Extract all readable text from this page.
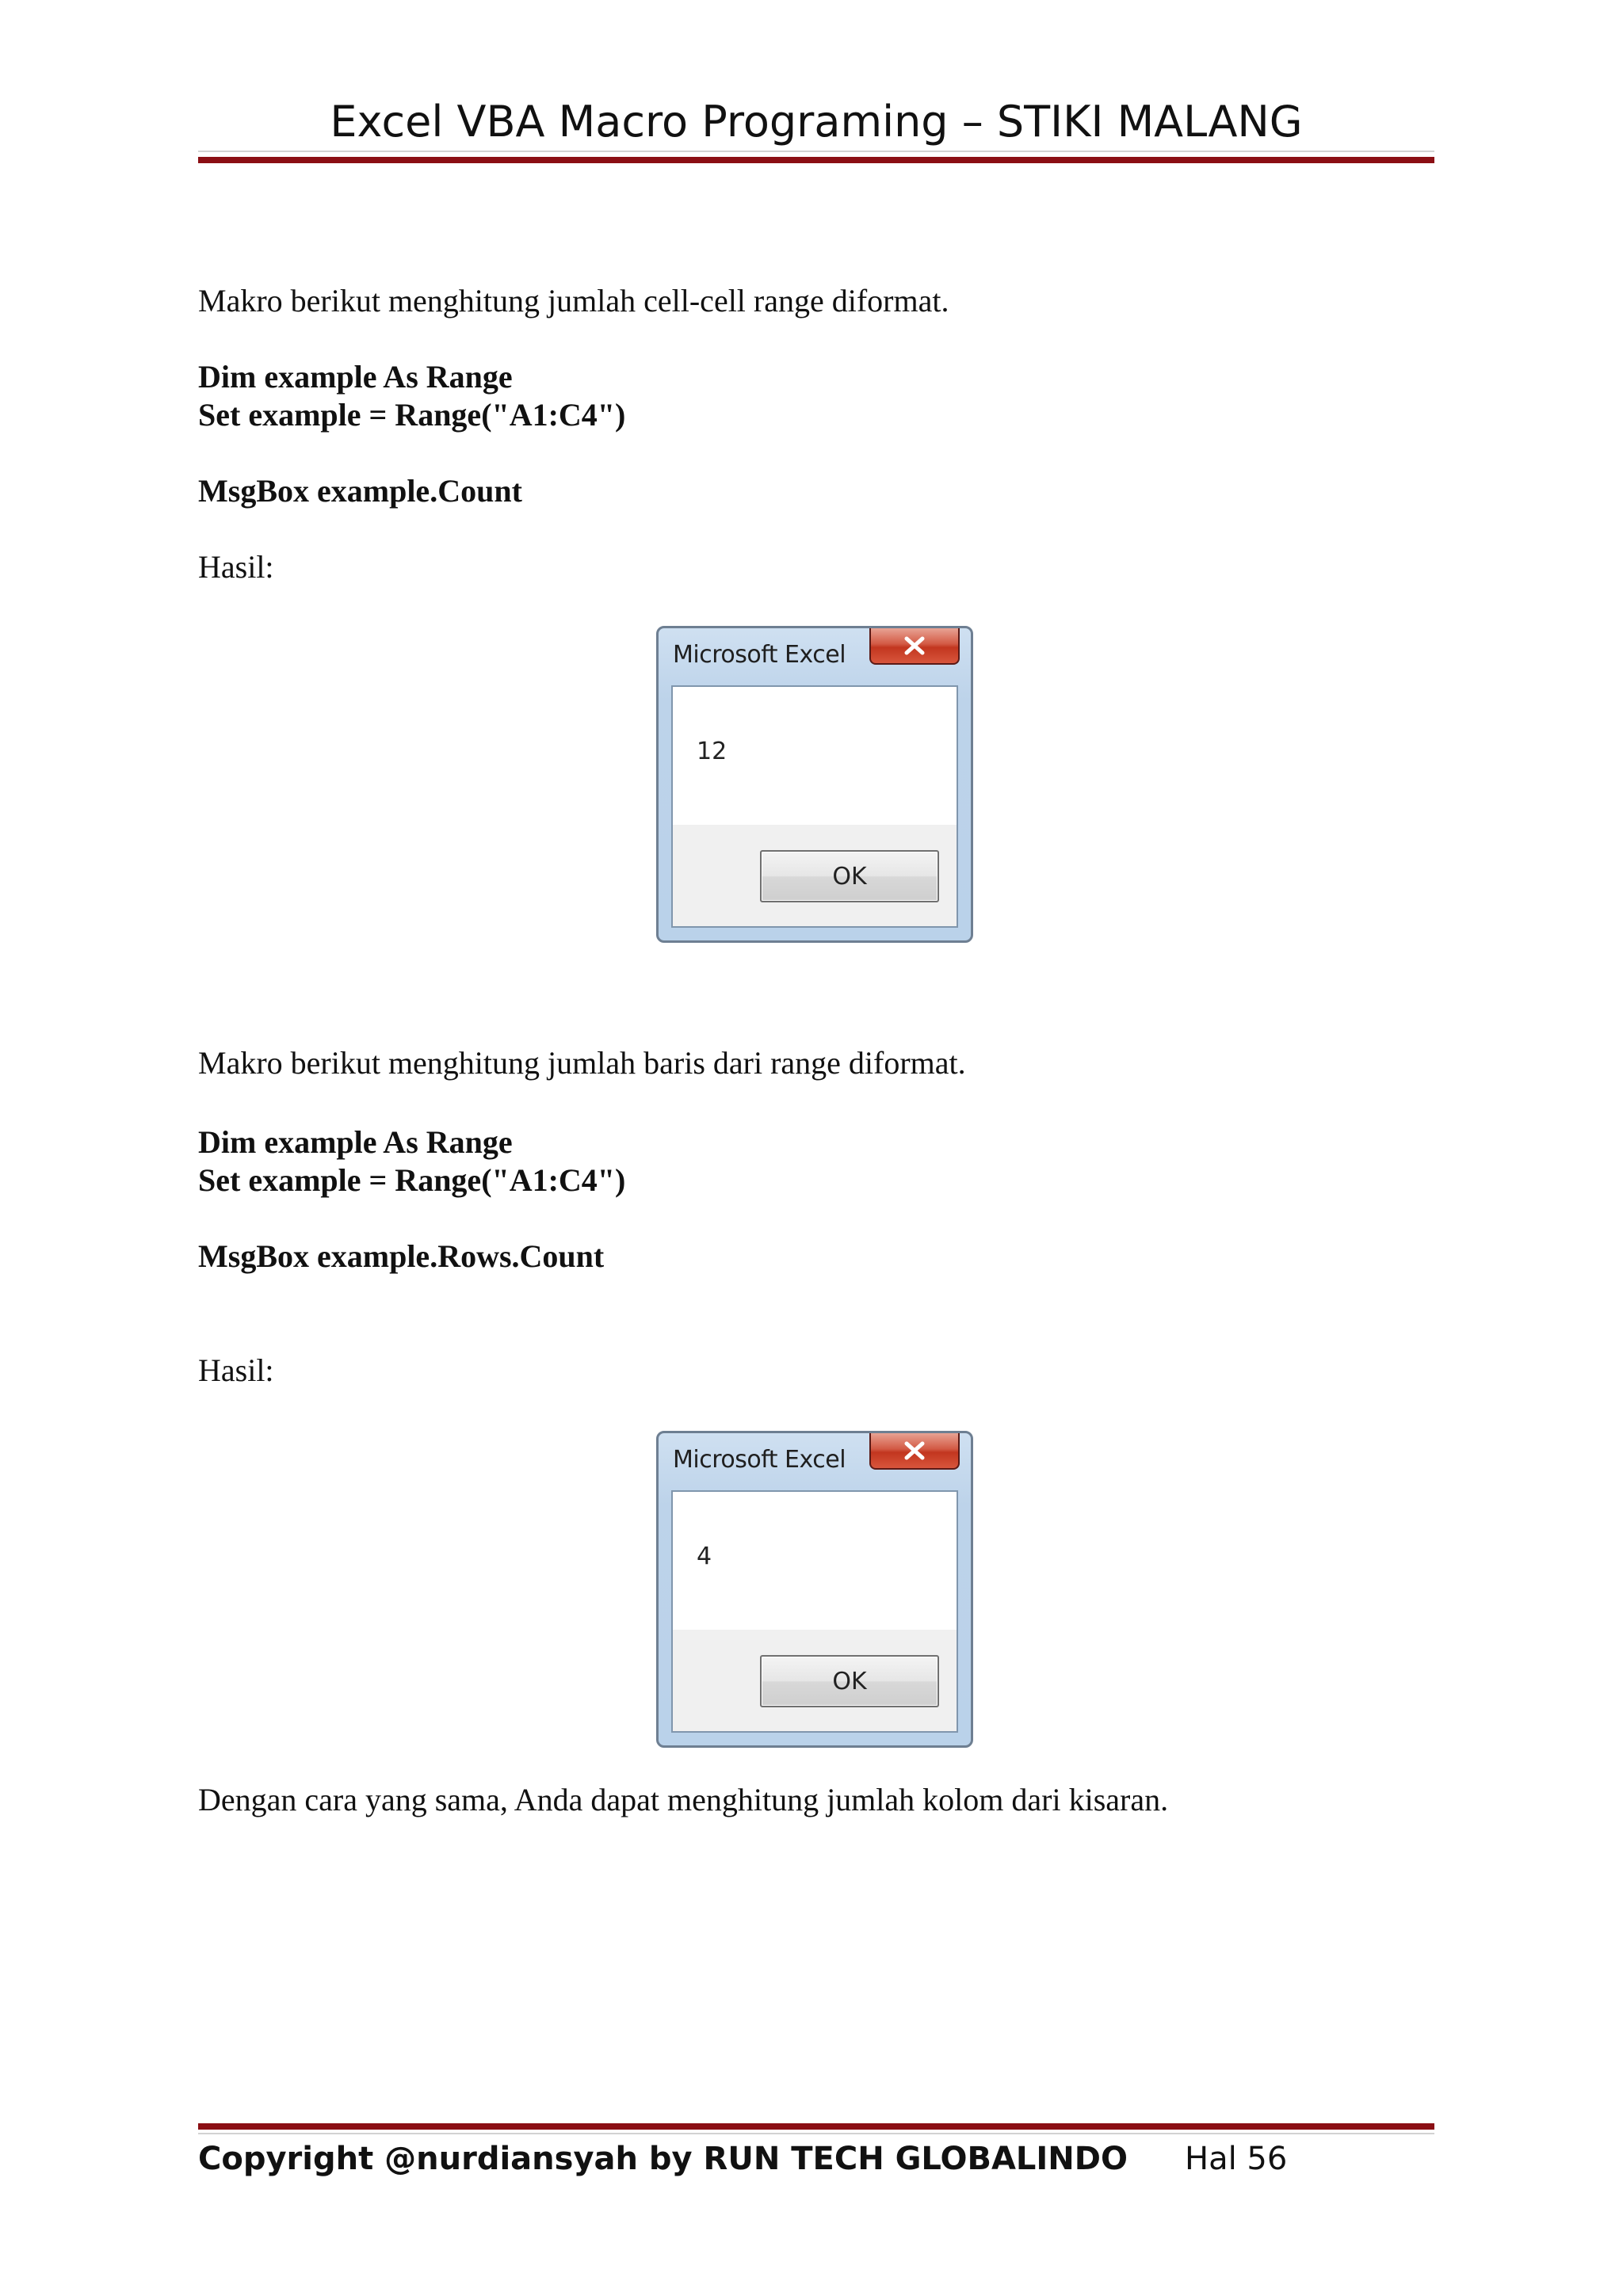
Excel VBA Macro Programing – STIKI MALANG
Makro berikut menghitung jumlah cell-cell range diformat.
Dim example As Range
Set example = Range("A1:C4")
MsgBox example.Count
Hasil:
Microsoft Excel
12
OK
Makro berikut menghitung jumlah baris dari range diformat.
Dim example As Range
Set example = Range("A1:C4")
MsgBox example.Rows.Count
Hasil:
Microsoft Excel
4
OK
Dengan cara yang sama, Anda dapat menghitung jumlah kolom dari kisaran.
Copyright @nurdiansyah by RUN TECH GLOBALINDO Hal 56
